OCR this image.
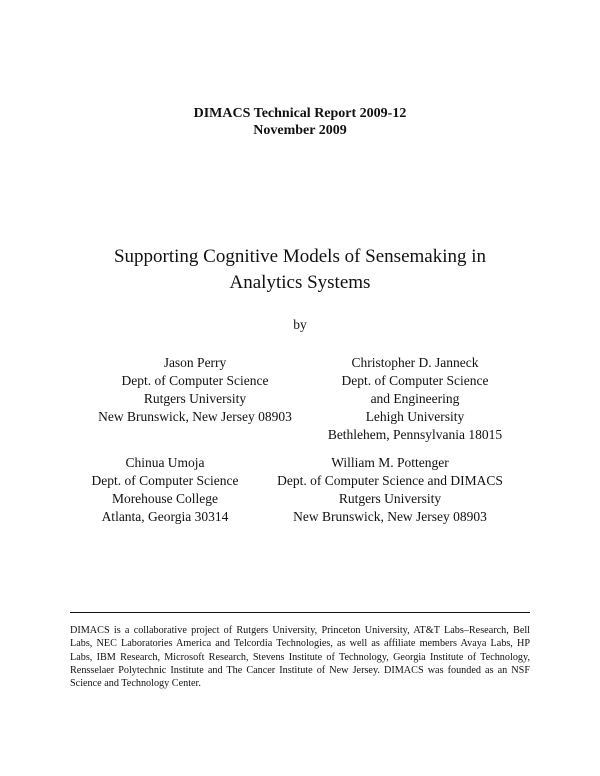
DIMACS Technical Report 2009-12
November 2009
Supporting Cognitive Models of Sensemaking in
Analytics Systems
by
Jason Perry
Dept. of Computer Science
Rutgers University
New Brunswick, New Jersey 08903
Christopher D. Janneck
Dept. of Computer Science
and Engineering
Lehigh University
Bethlehem, Pennsylvania 18015
Chinua Umoja
Dept. of Computer Science
Morehouse College
Atlanta, Georgia 30314
William M. Pottenger
Dept. of Computer Science and DIMACS
Rutgers University
New Brunswick, New Jersey 08903

DIMACS is a collaborative project of Rutgers University, Princeton University, AT&T Labs–Research, Bell Labs, NEC Laboratories America and Telcordia Technologies, as well as affiliate members Avaya Labs, HP Labs, IBM Research, Microsoft Research, Stevens Institute of Technology, Georgia Institute of Technology, Rensselaer Polytechnic Institute and The Cancer Institute of New Jersey. DIMACS was founded as an NSF Science and Technology Center.
